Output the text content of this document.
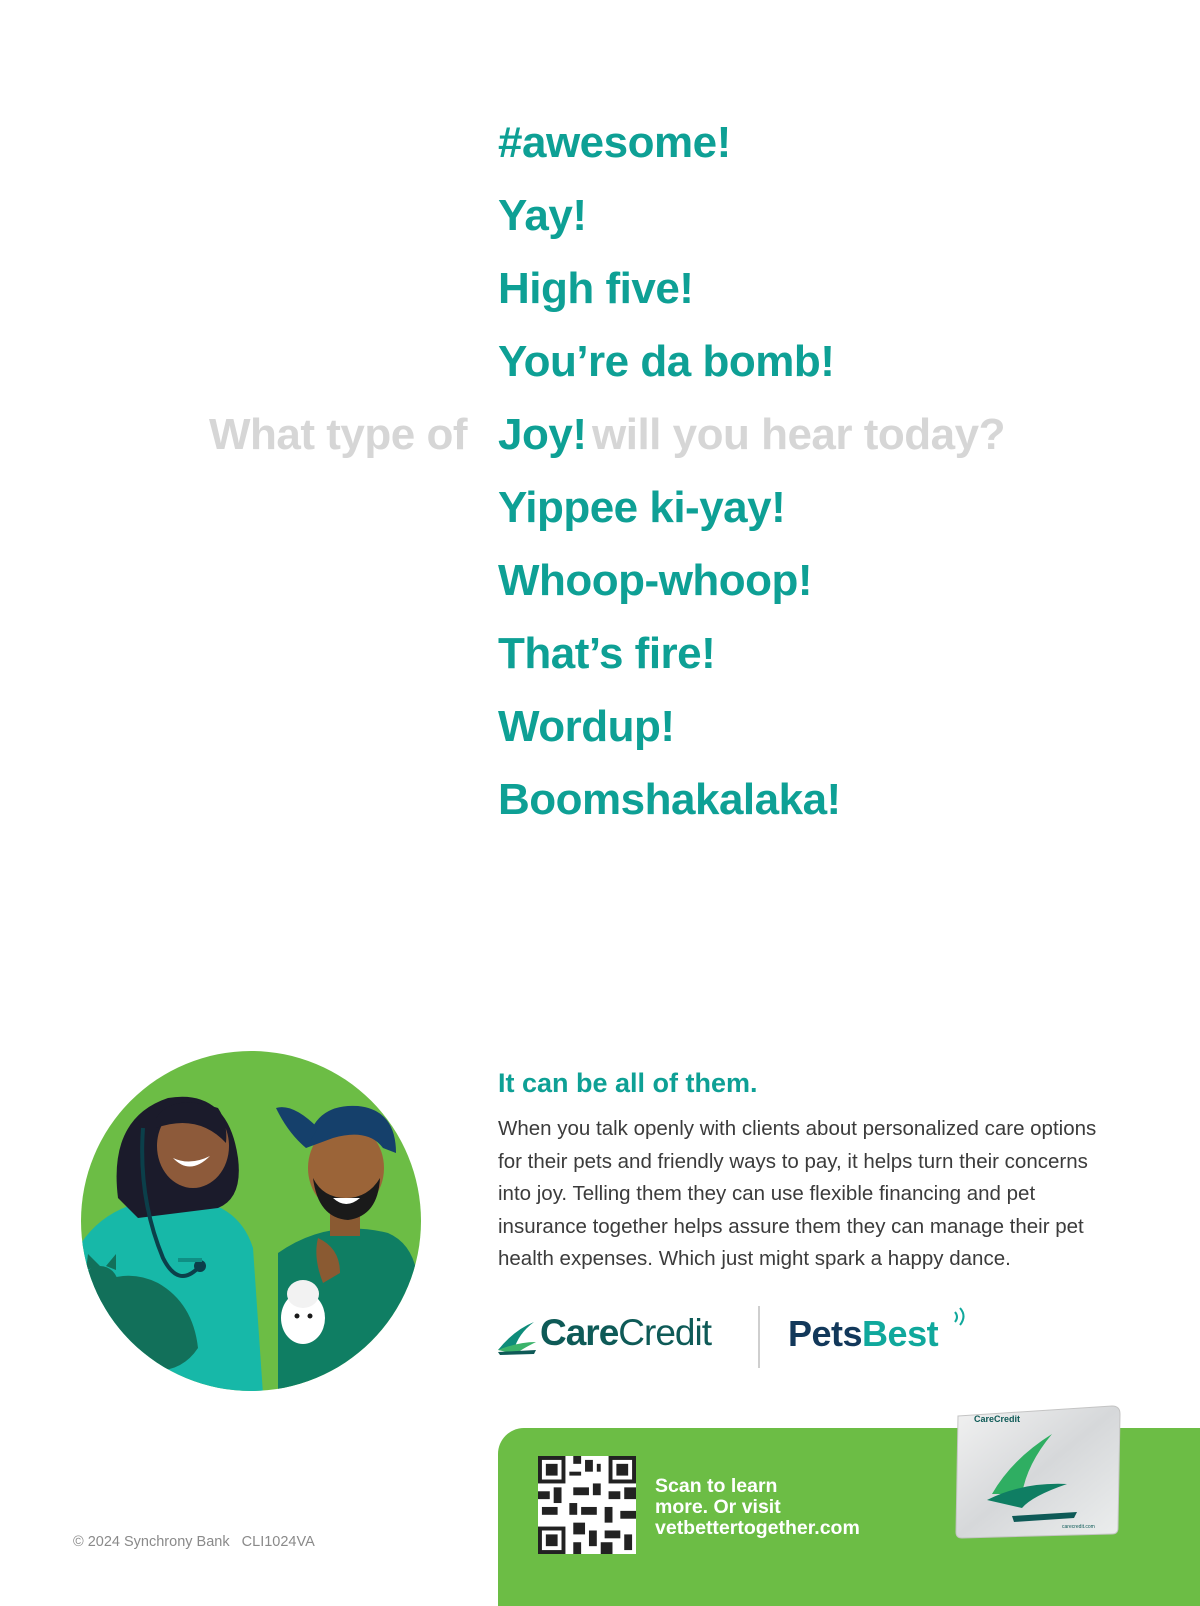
#awesome!
Yay!
High five!
You’re da bomb!
What type of Joy! will you hear today?
Yippee ki-yay!
Whoop-whoop!
That’s fire!
Wordup!
Boomshakalaka!
It can be all of them.
When you talk openly with clients about personalized care options for their pets and friendly ways to pay, it helps turn their concerns into joy. Telling them they can use flexible financing and pet insurance together helps assure them they can manage their pet health expenses. Which just might spark a happy dance.
CareCredit PetsBest
Scan to learn
more. Or visit
vetbettertogether.com
CareCredit
carecredit.com
© 2024 Synchrony Bank   CLI1024VA
